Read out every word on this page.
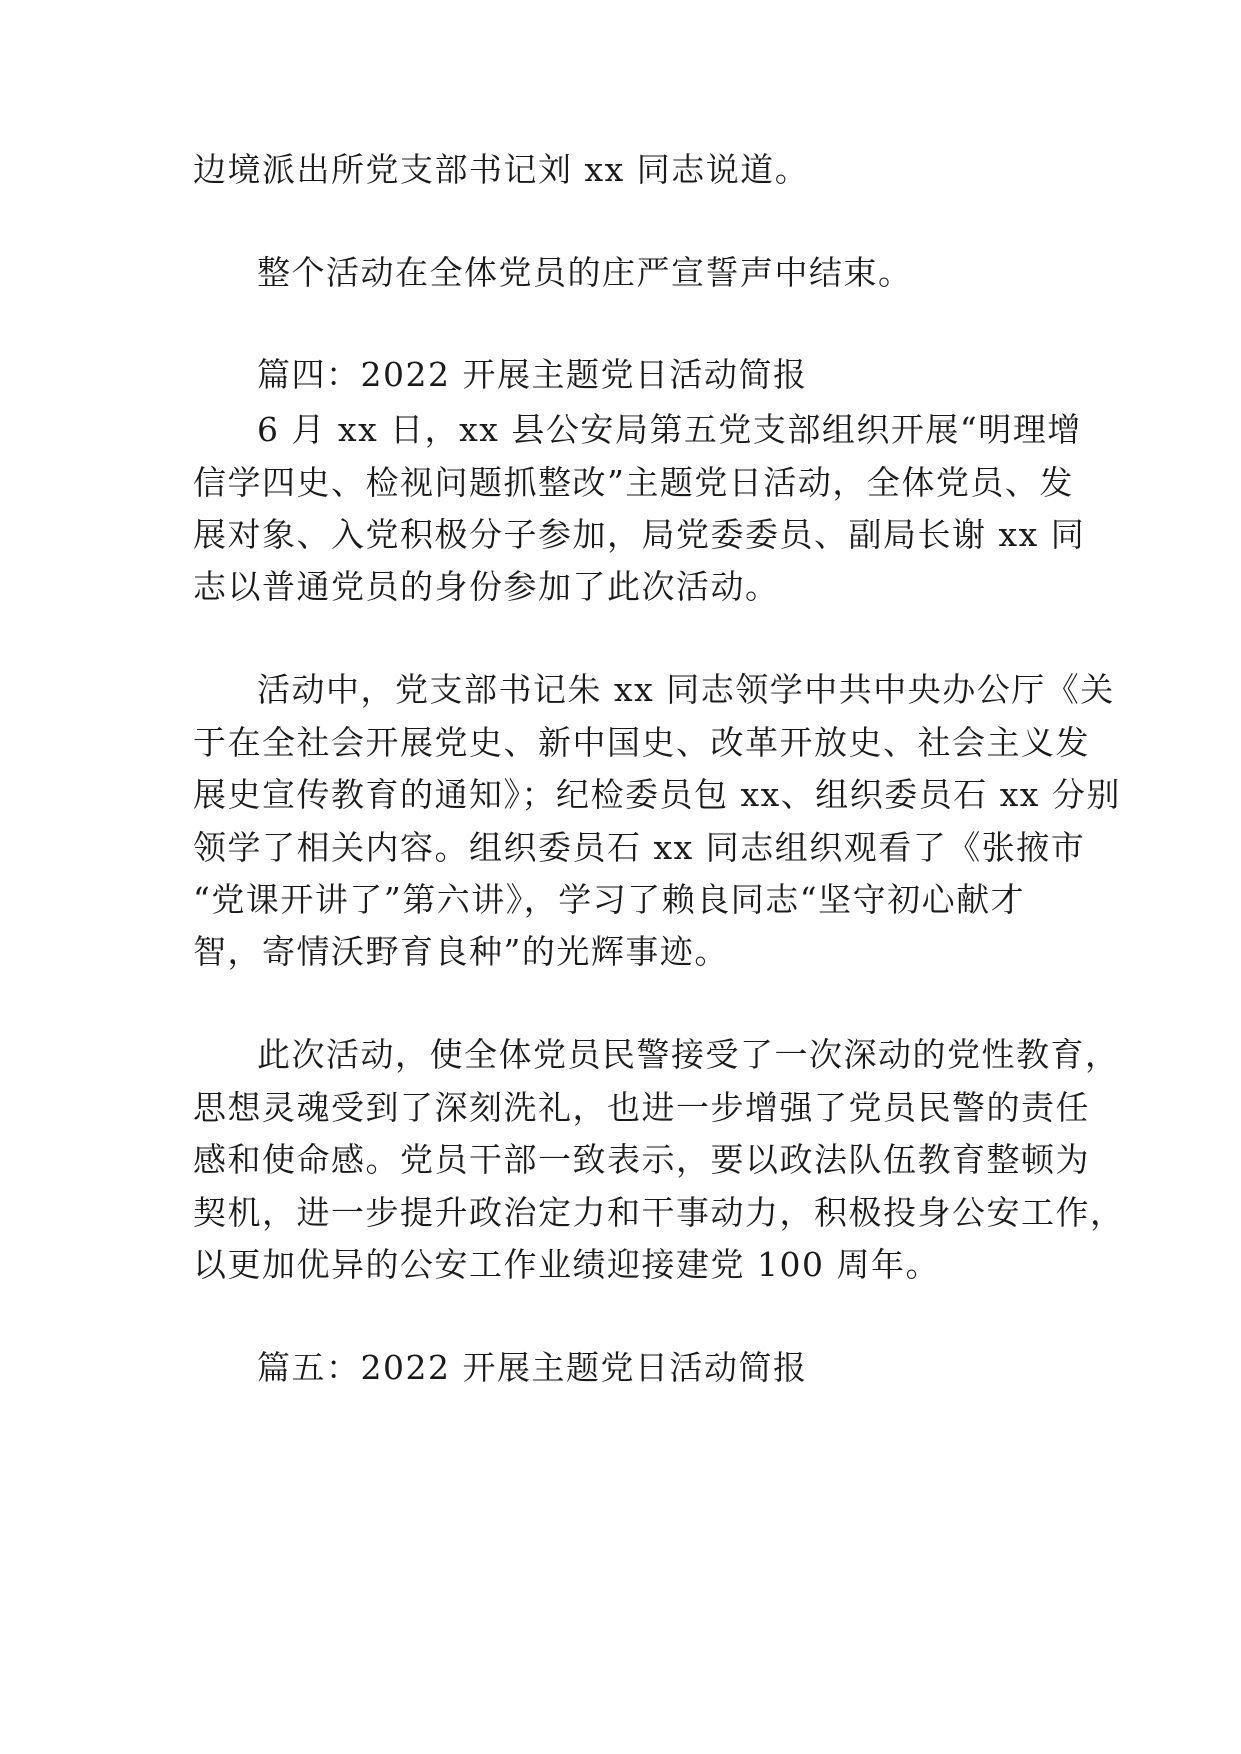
边境派出所党支部书记刘 xx 同志说道。
整个活动在全体党员的庄严宣誓声中结束。
篇四：2022 开展主题党日活动简报
6 月 xx 日，xx 县公安局第五党支部组织开展“明理增
信学四史、检视问题抓整改”主题党日活动，全体党员、发
展对象、入党积极分子参加，局党委委员、副局长谢 xx 同
志以普通党员的身份参加了此次活动。
活动中，党支部书记朱 xx 同志领学中共中央办公厅《关
于在全社会开展党史、新中国史、改革开放史、社会主义发
展史宣传教育的通知》；纪检委员包 xx、组织委员石 xx 分别
领学了相关内容。组织委员石 xx 同志组织观看了《张掖市
“党课开讲了”第六讲》，学习了赖良同志“坚守初心献才
智，寄情沃野育良种”的光辉事迹。
此次活动，使全体党员民警接受了一次深动的党性教育，
思想灵魂受到了深刻洗礼，也进一步增强了党员民警的责任
感和使命感。党员干部一致表示，要以政法队伍教育整顿为
契机，进一步提升政治定力和干事动力，积极投身公安工作，
以更加优异的公安工作业绩迎接建党 100 周年。
篇五：2022 开展主题党日活动简报
